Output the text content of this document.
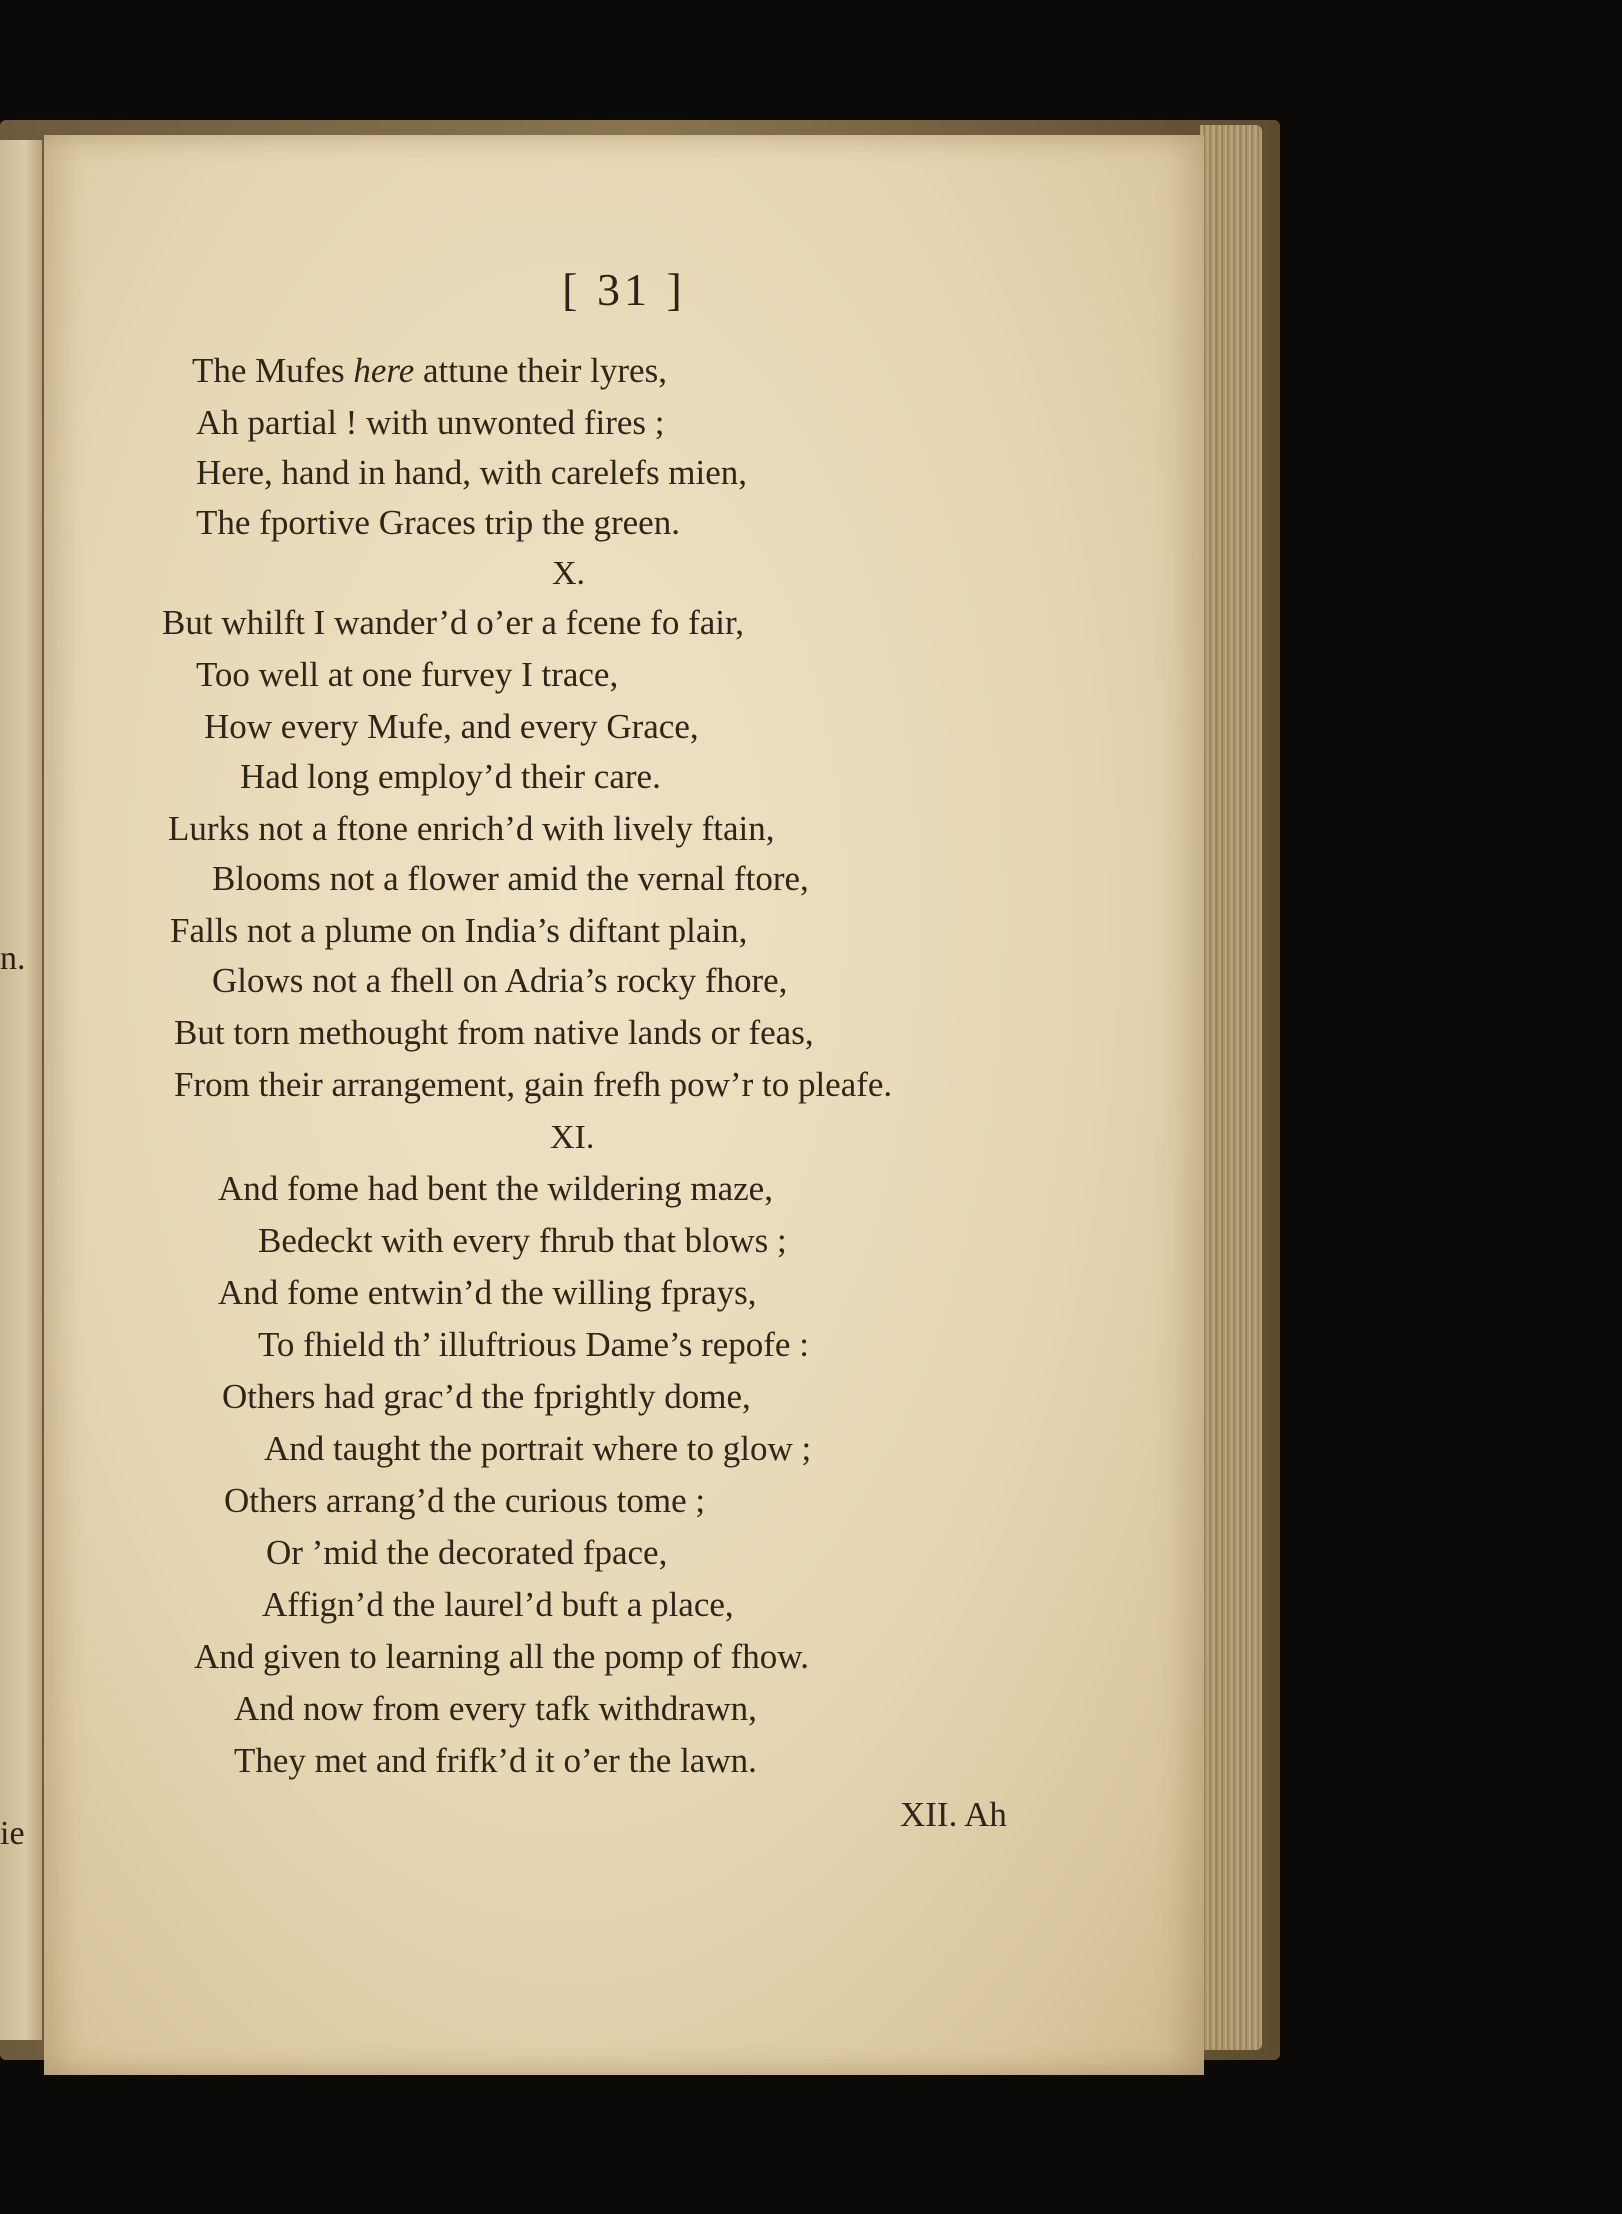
n.
ie
[ 31 ]
The Mufes here attune their lyres,
Ah partial ! with unwonted fires ;
Here, hand in hand, with carelefs mien,
The fportive Graces trip the green.
X.
But whilft I wander’d o’er a fcene fo fair,
Too well at one furvey I trace,
How every Mufe, and every Grace,
Had long employ’d their care.
Lurks not a ftone enrich’d with lively ftain,
Blooms not a flower amid the vernal ftore,
Falls not a plume on India’s diftant plain,
Glows not a fhell on Adria’s rocky fhore,
But torn methought from native lands or feas,
From their arrangement, gain frefh pow’r to pleafe.
XI.
And fome had bent the wildering maze,
Bedeckt with every fhrub that blows ;
And fome entwin’d the willing fprays,
To fhield th’ illuftrious Dame’s repofe :
Others had grac’d the fprightly dome,
And taught the portrait where to glow ;
Others arrang’d the curious tome ;
Or ’mid the decorated fpace,
Affign’d the laurel’d buft a place,
And given to learning all the pomp of fhow.
And now from every tafk withdrawn,
They met and frifk’d it o’er the lawn.
XII. Ah
